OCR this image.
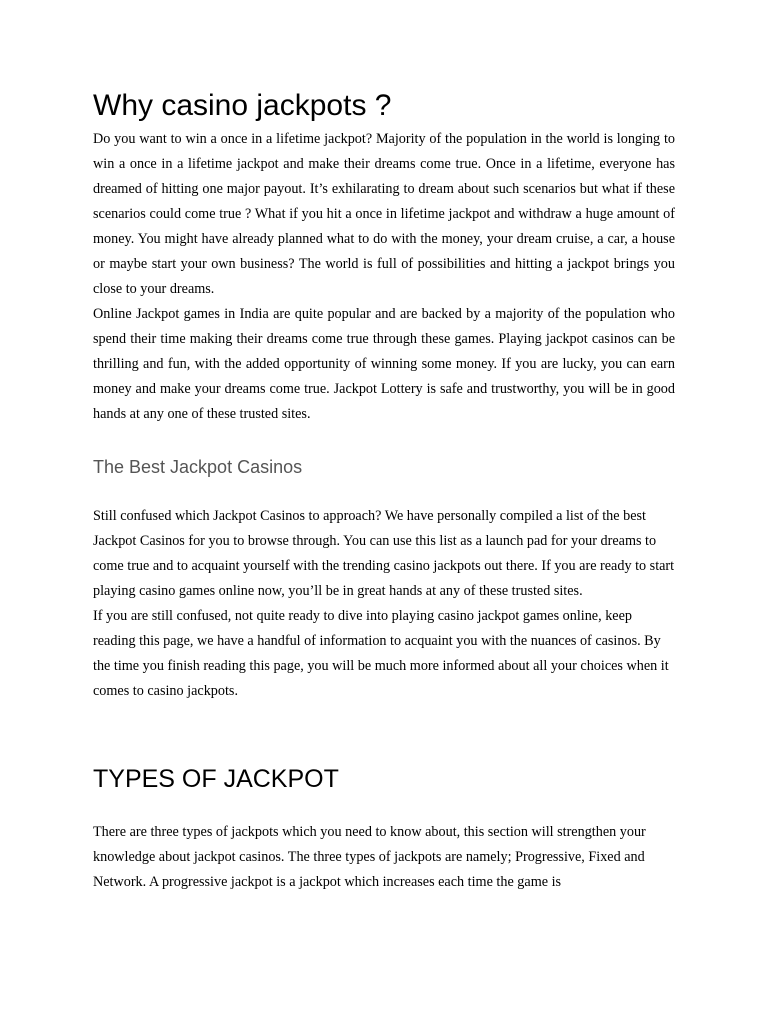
Why casino jackpots ?

Do you want to win a once in a lifetime jackpot? Majority of the population in the world is longing to win a once in a lifetime jackpot and make their dreams come true. Once in a lifetime, everyone has dreamed of hitting one major payout. It’s exhilarating to dream about such scenarios but what if these scenarios could come true ? What if you hit a once in lifetime jackpot and withdraw a huge amount of money. You might have already planned what to do with the money, your dream cruise, a car, a house or maybe start your own business? The world is full of possibilities and hitting a jackpot brings you close to your dreams.

Online Jackpot games in India are quite popular and are backed by a majority of the population who spend their time making their dreams come true through these games. Playing jackpot casinos can be thrilling and fun, with the added opportunity of winning some money. If you are lucky, you can earn money and make your dreams come true. Jackpot Lottery is safe and trustworthy, you will be in good hands at any one of these trusted sites.

The Best Jackpot Casinos

Still confused which Jackpot Casinos to approach? We have personally compiled a list of the best Jackpot Casinos for you to browse through. You can use this list as a launch pad for your dreams to come true and to acquaint yourself with the trending casino jackpots out there. If you are ready to start playing casino games online now, you’ll be in great hands at any of these trusted sites.

If you are still confused, not quite ready to dive into playing casino jackpot games online, keep reading this page, we have a handful of information to acquaint you with the nuances of casinos. By the time you finish reading this page, you will be much more informed about all your choices when it comes to casino jackpots.

TYPES OF JACKPOT

There are three types of jackpots which you need to know about, this section will strengthen your knowledge about jackpot casinos. The three types of jackpots are namely; Progressive, Fixed and Network. A progressive jackpot is a jackpot which increases each time the game is
